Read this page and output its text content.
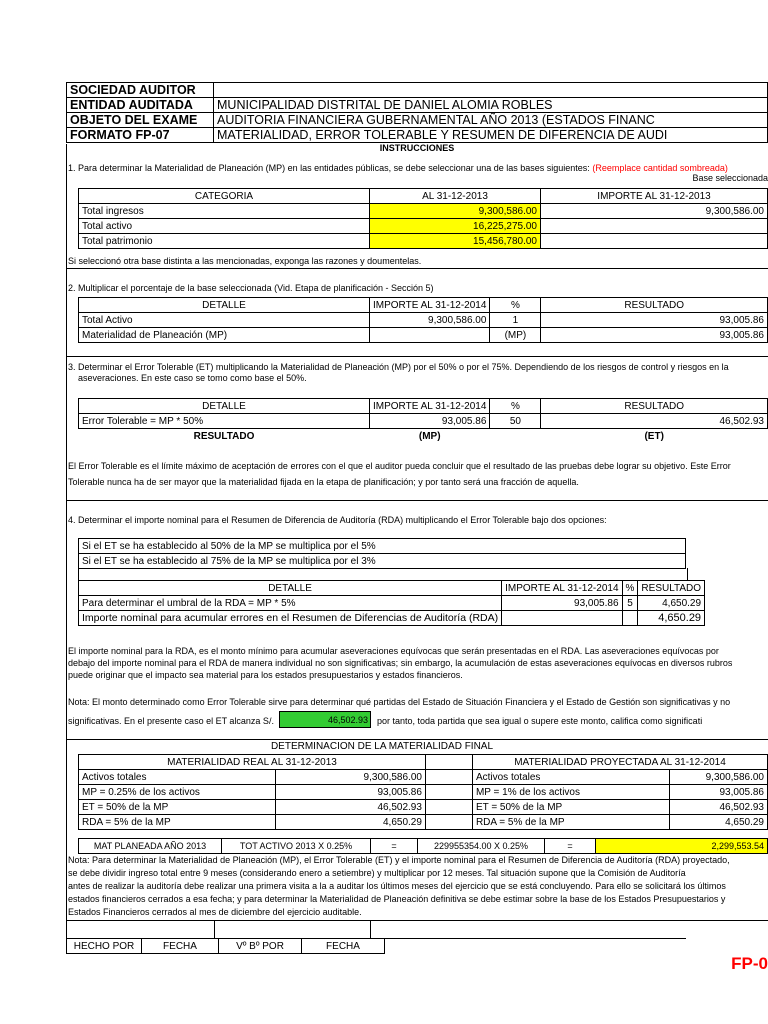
SOCIEDAD AUDITOR	
ENTIDAD AUDITADA	MUNICIPALIDAD DISTRITAL DE DANIEL ALOMIA ROBLES
OBJETO DEL EXAME	AUDITORIA FINANCIERA GUBERNAMENTAL AÑO 2013 (ESTADOS FINANC
FORMATO FP-07	MATERIALIDAD, ERROR TOLERABLE Y RESUMEN DE DIFERENCIA DE AUDI
INSTRUCCIONES
1. Para determinar la Materialidad de Planeación (MP) en las entidades públicas, se debe seleccionar una de las bases siguientes: (Reemplace cantidad sombreada)
Base seleccionada
CATEGORIA	AL 31-12-2013	IMPORTE AL 31-12-2013
Total ingresos	9,300,586.00	9,300,586.00
Total activo	16,225,275.00	
Total patrimonio	15,456,780.00	
Si seleccionó otra base distinta a las mencionadas, exponga las razones y doumentelas.
2. Multiplicar el porcentaje de la base seleccionada (Vid. Etapa de planificación - Sección 5)
DETALLE	IMPORTE AL 31-12-2014	%	RESULTADO
Total Activo	9,300,586.00	1	93,005.86
Materialidad de Planeación (MP)		(MP)	93,005.86
3. Determinar el Error Tolerable (ET) multiplicando la Materialidad de Planeación (MP) por el 50% o por el 75%. Dependiendo de los riesgos de control y riesgos en la
aseveraciones. En este caso se tomo como base el 50%.
DETALLE	IMPORTE AL 31-12-2014	%	RESULTADO
Error Tolerable = MP * 50%	93,005.86	50	46,502.93
RESULTADO	(MP)		(ET)
El Error Tolerable es el límite máximo de aceptación de errores con el que el auditor pueda concluir que el resultado de las pruebas debe lograr su objetivo. Este Error
Tolerable nunca ha de ser mayor que la materialidad fijada en la etapa de planificación; y por tanto será una fracción de aquella.
4. Determinar el importe nominal para el Resumen de Diferencia de Auditoría (RDA) multiplicando el Error Tolerable bajo dos opciones:
Si el ET se ha establecido al 50% de la MP se multiplica por el 5%
Si el ET se ha establecido al 75% de la MP se multiplica por el 3%
DETALLE	IMPORTE AL 31-12-2014	%	RESULTADO
Para determinar el umbral de la RDA = MP * 5%	93,005.86	5	4,650.29
Importe nominal para acumular errores en el Resumen de Diferencias de Auditoría (RDA)			4,650.29
El importe nominal para la RDA, es el monto mínimo para acumular aseveraciones equívocas que serán presentadas en el RDA. Las aseveraciones equívocas por
debajo del importe nominal para el RDA de manera individual no son significativas; sin embargo, la acumulación de estas aseveraciones equívocas en diversos rubros
puede originar que el impacto sea material para los estados presupuestarios y estados financieros.
Nota: El monto determinado como Error Tolerable sirve para determinar qué partidas del Estado de Situación Financiera y el Estado de Gestión son significativas y no
significativas. En el presente caso el ET alcanza S/.	46,502.93	por tanto, toda partida que sea igual o supere este monto, califica como significati
DETERMINACION DE LA MATERIALIDAD FINAL
MATERIALIDAD REAL AL 31-12-2013			MATERIALIDAD PROYECTADA AL 31-12-2014	
Activos totales	9,300,586.00		Activos totales	9,300,586.00
MP = 0.25% de los activos	93,005.86		MP = 1% de los activos	93,005.86
ET = 50% de la MP	46,502.93		ET = 50% de la MP	46,502.93
RDA = 5% de la MP	4,650.29		RDA = 5% de la MP	4,650.29
MAT PLANEADA AÑO 2013	TOT ACTIVO 2013 X 0.25%	=	229955354.00 X 0.25%	=	2,299,553.54
Nota: Para determinar la Materialidad de Planeación (MP), el Error Tolerable (ET) y el importe nominal para el Resumen de Diferencia de Auditoría (RDA) proyectado,
se debe dividir ingreso total entre 9 meses (considerando enero a setiembre) y multiplicar por 12 meses. Tal situación supone que la Comisión de Auditoría
antes de realizar la auditoría debe realizar una primera visita a la a auditar los últimos meses del ejercicio que se está concluyendo. Para ello se solicitará los últimos
estados financieros cerrados a esa fecha; y para determinar la Materialidad de Planeación definitiva se debe estimar sobre la base de los Estados Presupuestarios y
Estados Financieros cerrados al mes de diciembre del ejercicio auditable.
HECHO POR	FECHA	Vº Bº POR	FECHA	
FP-0
